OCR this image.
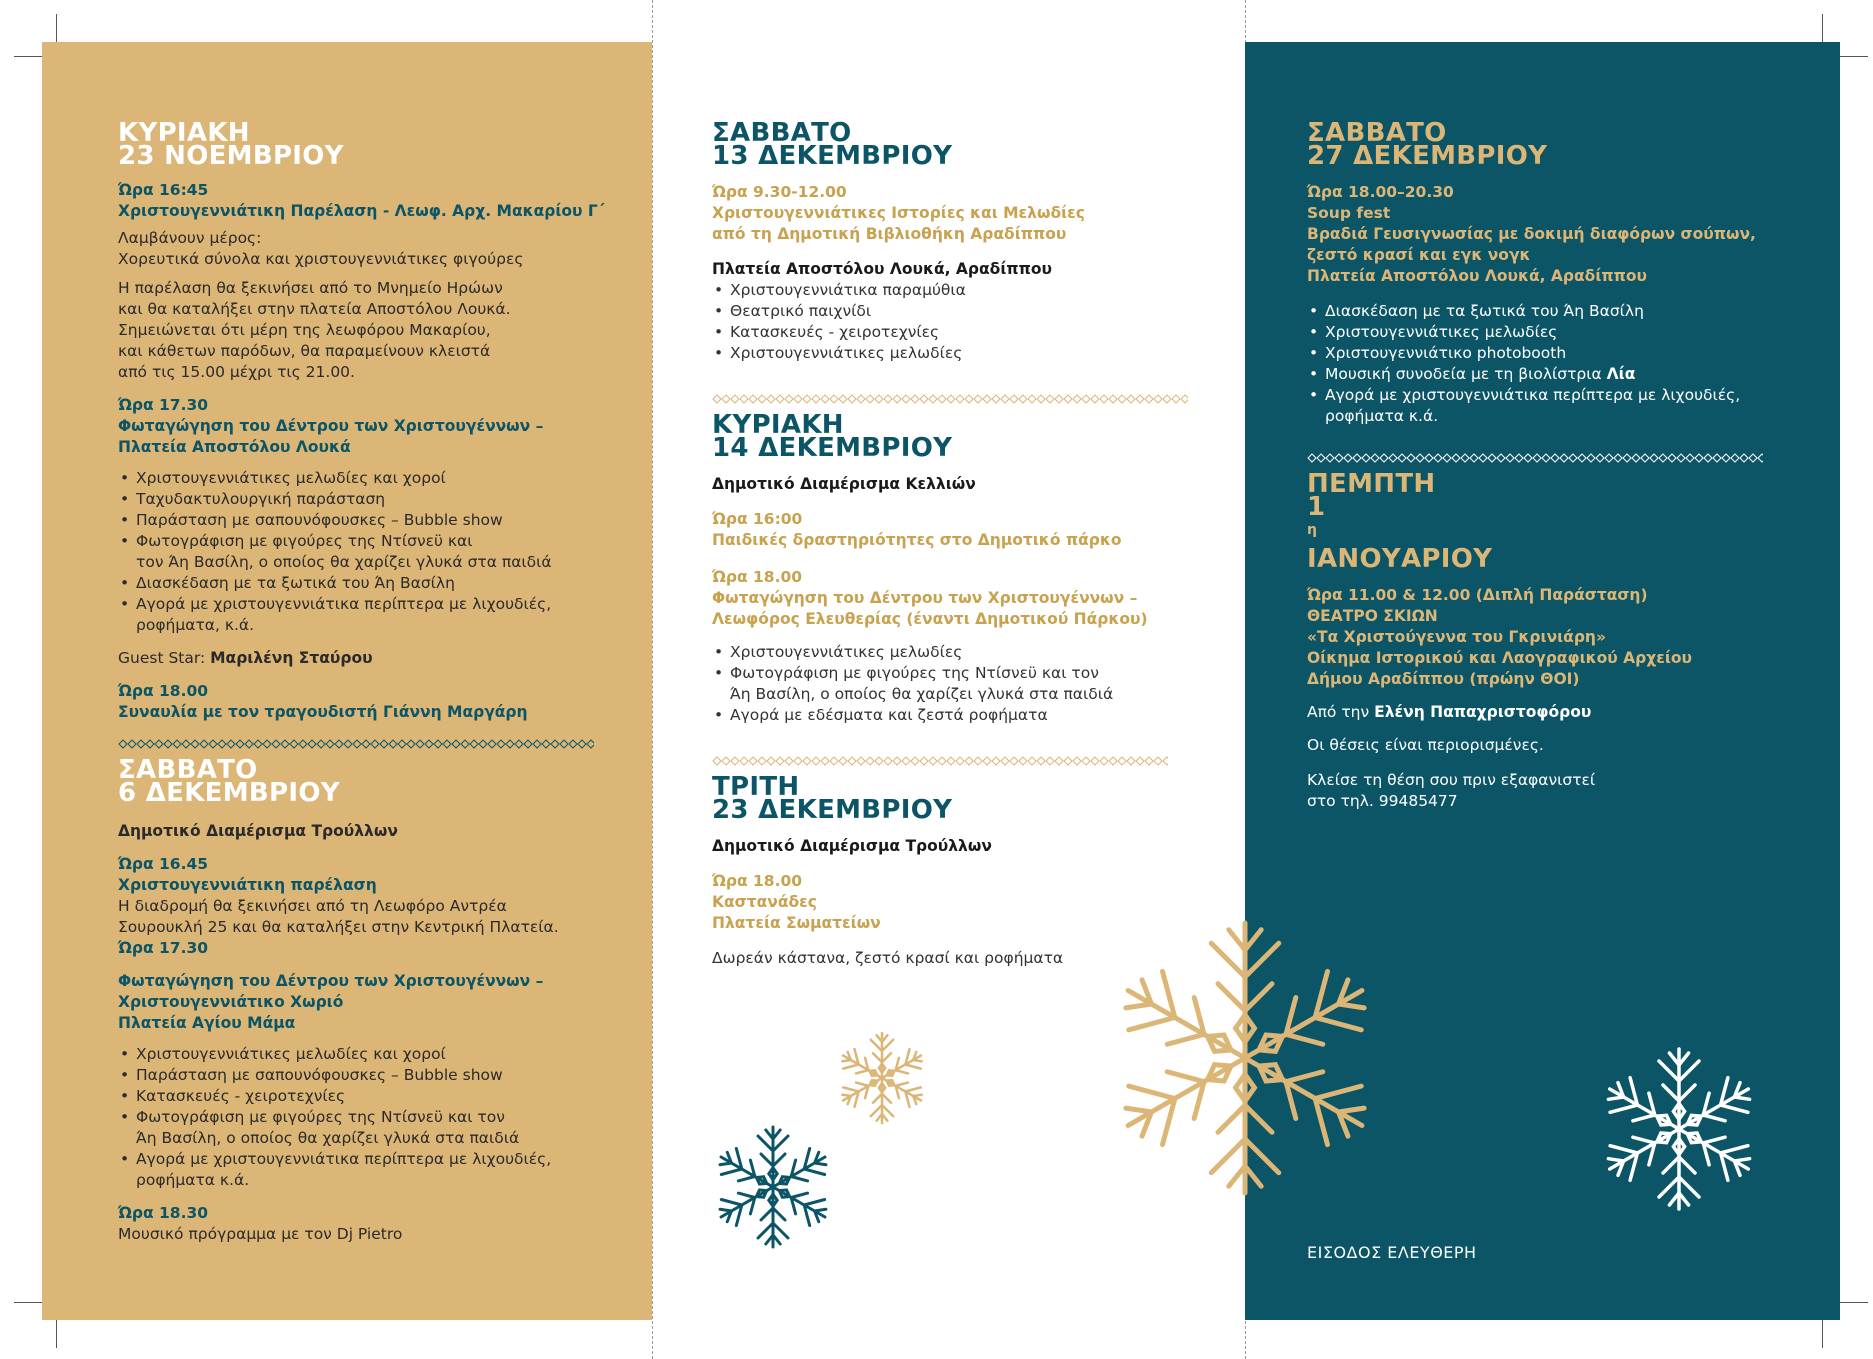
ΚΥΡΙΑΚΗ
23 ΝΟΕΜΒΡΙΟΥ
Ώρα 16:45
Χριστουγεννιάτικη Παρέλαση - Λεωφ. Αρχ. Μακαρίου Γ΄
Λαμβάνουν μέρος:
Χορευτικά σύνολα και χριστουγεννιάτικες φιγούρες
Η παρέλαση θα ξεκινήσει από το Μνημείο Ηρώων
και θα καταλήξει στην πλατεία Αποστόλου Λουκά.
Σημειώνεται ότι μέρη της λεωφόρου Μακαρίου,
και κάθετων παρόδων, θα παραμείνουν κλειστά
από τις 15.00 μέχρι τις 21.00.
Ώρα 17.30
Φωταγώγηση του Δέντρου των Χριστουγέννων –
Πλατεία Αποστόλου Λουκά
• Χριστουγεννιάτικες μελωδίες και χοροί
• Ταχυδακτυλουργική παράσταση
• Παράσταση με σαπουνόφουσκες – Bubble show
• Φωτογράφιση με φιγούρες της Ντίσνεϋ και
τον Άη Βασίλη, ο οποίος θα χαρίζει γλυκά στα παιδιά
• Διασκέδαση με τα ξωτικά του Άη Βασίλη
• Αγορά με χριστουγεννιάτικα περίπτερα με λιχουδιές,
ροφήματα, κ.ά.
Guest Star: Μαριλένη Σταύρου
Ώρα 18.00
Συναυλία με τον τραγουδιστή Γιάννη Μαργάρη
ΣΑΒΒΑΤΟ
6 ΔΕΚΕΜΒΡΙΟΥ
Δημοτικό Διαμέρισμα Τρούλλων
Ώρα 16.45
Χριστουγεννιάτικη παρέλαση
Η διαδρομή θα ξεκινήσει από τη Λεωφόρο Αντρέα
Σουρουκλή 25 και θα καταλήξει στην Κεντρική Πλατεία.
Ώρα 17.30
Φωταγώγηση του Δέντρου των Χριστουγέννων –
Χριστουγεννιάτικο Χωριό
Πλατεία Αγίου Μάμα
• Χριστουγεννιάτικες μελωδίες και χοροί
• Παράσταση με σαπουνόφουσκες – Bubble show
• Κατασκευές - χειροτεχνίες
• Φωτογράφιση με φιγούρες της Ντίσνεϋ και τον
Άη Βασίλη, ο οποίος θα χαρίζει γλυκά στα παιδιά
• Αγορά με χριστουγεννιάτικα περίπτερα με λιχουδιές,
ροφήματα κ.ά.
Ώρα 18.30
Μουσικό πρόγραμμα με τον Dj Pietro
ΣΑΒΒΑΤΟ
13 ΔΕΚΕΜΒΡΙΟΥ
Ώρα 9.30-12.00
Χριστουγεννιάτικες Ιστορίες και Μελωδίες
από τη Δημοτική Βιβλιοθήκη Αραδίππου
Πλατεία Αποστόλου Λουκά, Αραδίππου
• Χριστουγεννιάτικα παραμύθια
• Θεατρικό παιχνίδι
• Κατασκευές - χειροτεχνίες
• Χριστουγεννιάτικες μελωδίες
ΚΥΡΙΑΚΗ
14 ΔΕΚΕΜΒΡΙΟΥ
Δημοτικό Διαμέρισμα Κελλιών
Ώρα 16:00
Παιδικές δραστηριότητες στο Δημοτικό πάρκο
Ώρα 18.00
Φωταγώγηση του Δέντρου των Χριστουγέννων –
Λεωφόρος Ελευθερίας (έναντι Δημοτικού Πάρκου)
• Χριστουγεννιάτικες μελωδίες
• Φωτογράφιση με φιγούρες της Ντίσνεϋ και τον
Άη Βασίλη, ο οποίος θα χαρίζει γλυκά στα παιδιά
• Αγορά με εδέσματα και ζεστά ροφήματα
ΤΡΙΤΗ
23 ΔΕΚΕΜΒΡΙΟΥ
Δημοτικό Διαμέρισμα Τρούλλων
Ώρα 18.00
Καστανάδες
Πλατεία Σωματείων
Δωρεάν κάστανα, ζεστό κρασί και ροφήματα
ΣΑΒΒΑΤΟ
27 ΔΕΚΕΜΒΡΙΟΥ
Ώρα 18.00–20.30
Soup fest
Βραδιά Γευσιγνωσίας με δοκιμή διαφόρων σούπων,
ζεστό κρασί και εγκ νογκ
Πλατεία Αποστόλου Λουκά, Αραδίππου
• Διασκέδαση με τα ξωτικά του Άη Βασίλη
• Χριστουγεννιάτικες μελωδίες
• Χριστουγεννιάτικο photobooth
• Μουσική συνοδεία με τη βιολίστρια Λία
• Αγορά με χριστουγεννιάτικα περίπτερα με λιχουδιές,
ροφήματα κ.ά.
ΠΕΜΠΤΗ
1
$^\eta$
ΙΑΝΟΥΑΡΙΟΥ
Ώρα 11.00 & 12.00 (Διπλή Παράσταση)
ΘΕΑΤΡΟ ΣΚΙΩΝ
«Τα Χριστούγεννα του Γκρινιάρη»
Οίκημα Ιστορικού και Λαογραφικού Αρχείου
Δήμου Αραδίππου (πρώην ΘΟΙ)
Από την Ελένη Παπαχριστοφόρου
Οι θέσεις είναι περιορισμένες.
Κλείσε τη θέση σου πριν εξαφανιστεί
στο τηλ. 99485477
ΕΙΣΟΔΟΣ ΕΛΕΥΘΕΡΗ
